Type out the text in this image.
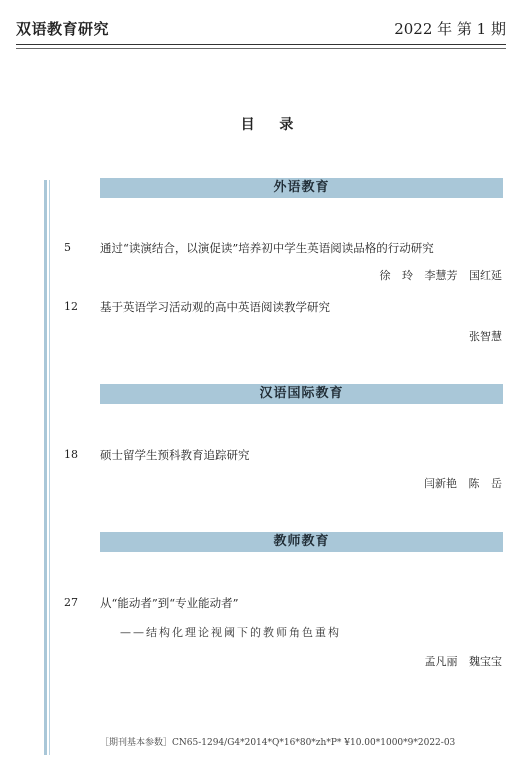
双语教育研究	2022 年 第 1 期
目 录
外语教育
5	通过“读演结合，以演促读”培养初中学生英语阅读品格的行动研究
徐 玲 李慧芳 国红延
12 基于英语学习活动观的高中英语阅读教学研究
张智慧
汉语国际教育
18 硕士留学生预科教育追踪研究
闫新艳 陈 岳
教师教育
27 从“能动者”到“专业能动者”
——结构化理论视阈下的教师角色重构
孟凡丽 魏宝宝
［期刊基本参数］CN65-1294/G4*2014*Q*16*80*zh*P* ¥10.00*1000*9*2022-03
